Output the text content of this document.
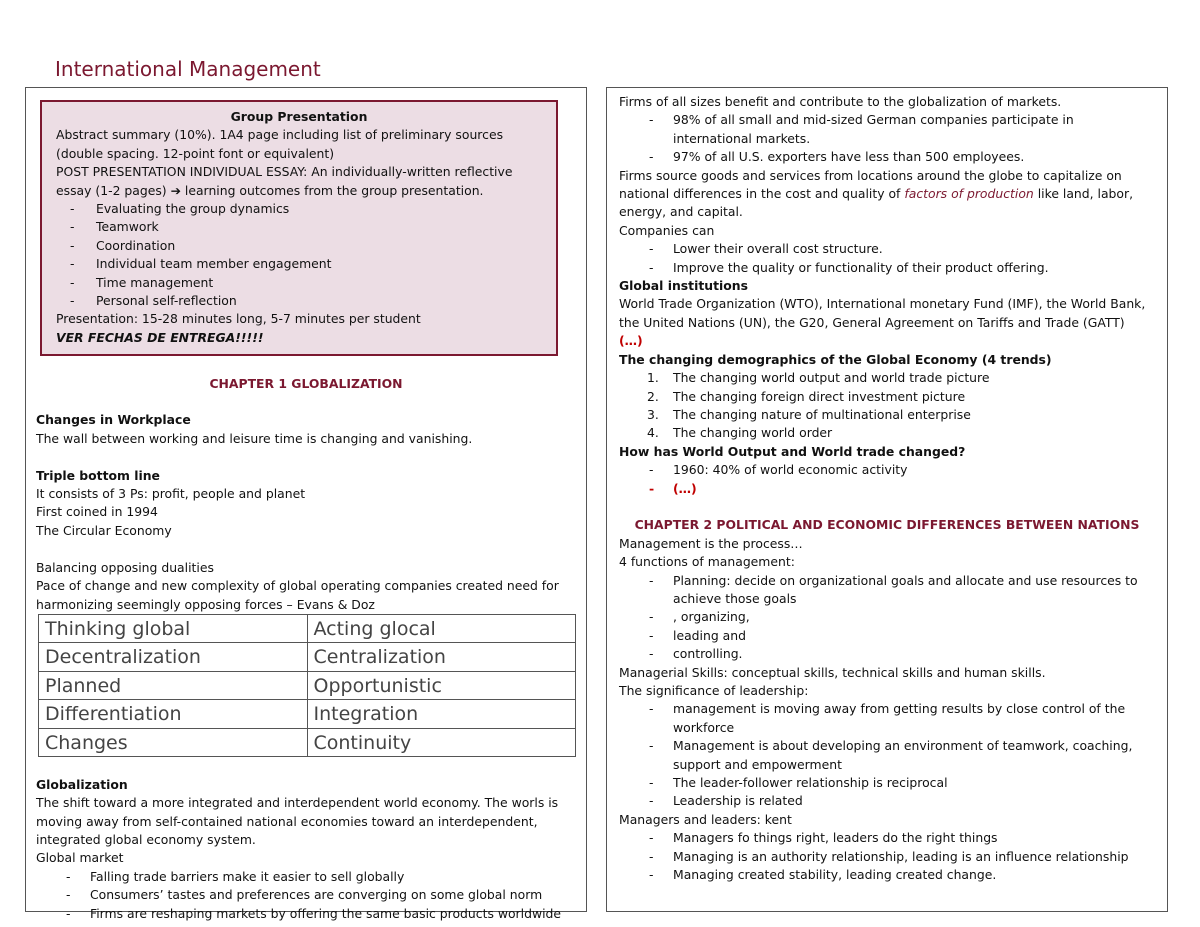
International Management

Group Presentation

Abstract summary (10%). 1A4 page including list of preliminary sources (double spacing. 12-point font or equivalent)

POST PRESENTATION INDIVIDUAL ESSAY: An individually-written reflective essay (1-2 pages) ➔ learning outcomes from the group presentation.

- Evaluating the group dynamics
- Teamwork
- Coordination
- Individual team member engagement
- Time management
- Personal self-reflection

Presentation: 15-28 minutes long, 5-7 minutes per student

VER FECHAS DE ENTREGA!!!!!

CHAPTER 1 GLOBALIZATION

Changes in Workplace

The wall between working and leisure time is changing and vanishing.

Triple bottom line

It consists of 3 Ps: profit, people and planet

First coined in 1994

The Circular Economy

Balancing opposing dualities

Pace of change and new complexity of global operating companies created need for harmonizing seemingly opposing forces – Evans & Doz

Thinking global	Acting glocal
Decentralization	Centralization
Planned	Opportunistic
Differentiation	Integration
Changes	Continuity

Globalization

The shift toward a more integrated and interdependent world economy. The worls is moving away from self-contained national economies toward an interdependent, integrated global economy system.

Global market

- Falling trade barriers make it easier to sell globally
- Consumers’ tastes and preferences are converging on some global norm
- Firms are reshaping markets by offering the same basic products worldwide

Firms of all sizes benefit and contribute to the globalization of markets.

- 98% of all small and mid-sized German companies participate in international markets.
- 97% of all U.S. exporters have less than 500 employees.

Firms source goods and services from locations around the globe to capitalize on national differences in the cost and quality of factors of production like land, labor, energy, and capital.

Companies can

- Lower their overall cost structure.
- Improve the quality or functionality of their product offering.

Global institutions

World Trade Organization (WTO), International monetary Fund (IMF), the World Bank, the United Nations (UN), the G20, General Agreement on Tariffs and Trade (GATT)

(…)

The changing demographics of the Global Economy (4 trends)

1. The changing world output and world trade picture
2. The changing foreign direct investment picture
3. The changing nature of multinational enterprise
4. The changing world order

How has World Output and World trade changed?

- 1960: 40% of world economic activity
- (…)

CHAPTER 2 POLITICAL AND ECONOMIC DIFFERENCES BETWEEN NATIONS

Management is the process…

4 functions of management:

- Planning: decide on organizational goals and allocate and use resources to achieve those goals
- , organizing,
- leading and
- controlling.

Managerial Skills: conceptual skills, technical skills and human skills.

The significance of leadership:

- management is moving away from getting results by close control of the workforce
- Management is about developing an environment of teamwork, coaching, support and empowerment
- The leader-follower relationship is reciprocal
- Leadership is related

Managers and leaders: kent

- Managers fo things right, leaders do the right things
- Managing is an authority relationship, leading is an influence relationship
- Managing created stability, leading created change.
